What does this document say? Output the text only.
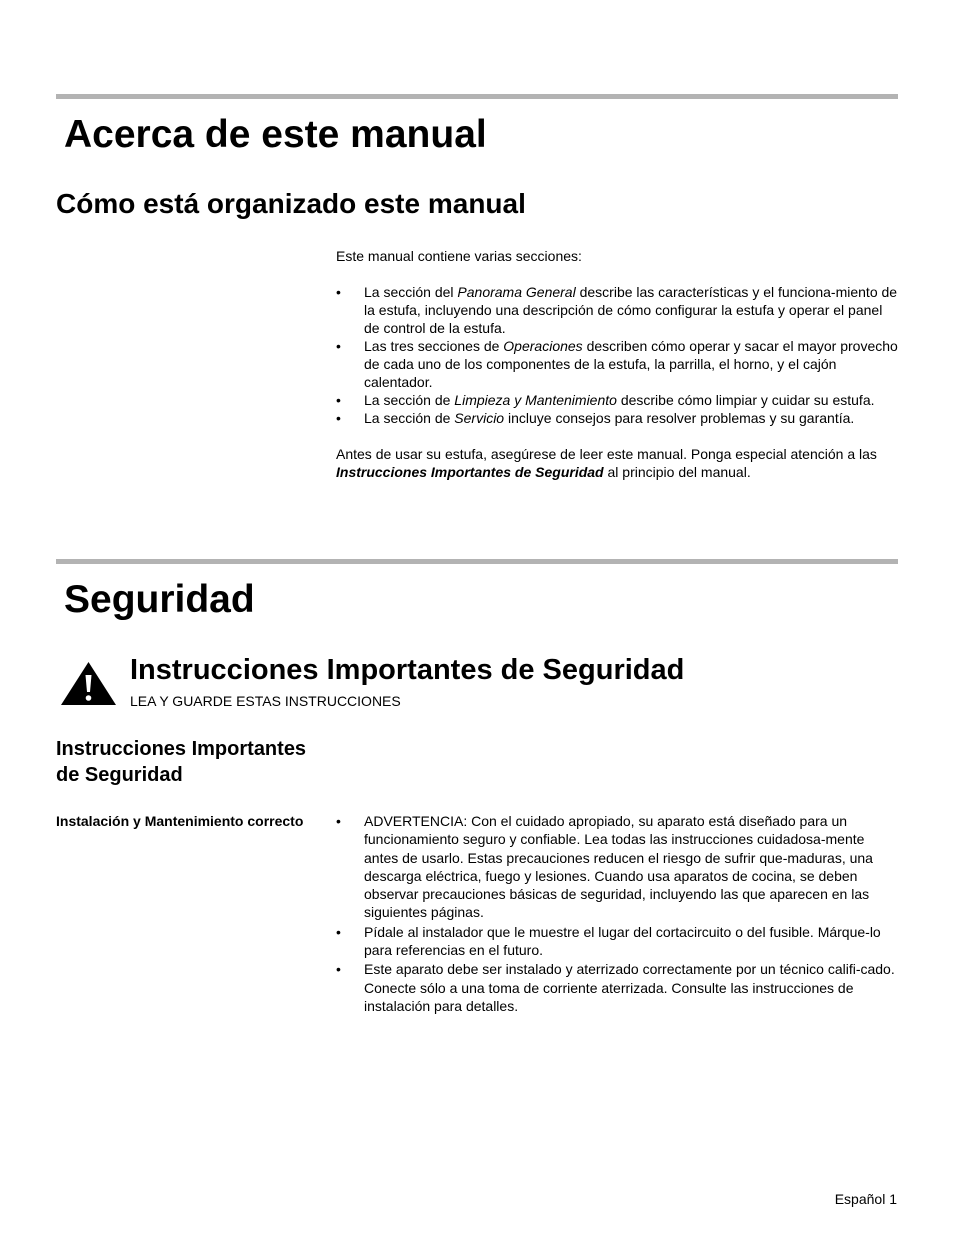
Acerca de este manual
Cómo está organizado este manual

Este manual contiene varias secciones:

• La sección del Panorama General describe las características y el funciona-miento de la estufa, incluyendo una descripción de cómo configurar la estufa y operar el panel de control de la estufa.
• Las tres secciones de Operaciones describen cómo operar y sacar el mayor provecho de cada uno de los componentes de la estufa, la parrilla, el horno, y el cajón calentador.
• La sección de Limpieza y Mantenimiento describe cómo limpiar y cuidar su estufa.
• La sección de Servicio incluye consejos para resolver problemas y su garantía.

Antes de usar su estufa, asegúrese de leer este manual. Ponga especial atención a las Instrucciones Importantes de Seguridad al principio del manual.

Seguridad
Instrucciones Importantes de Seguridad
LEA Y GUARDE ESTAS INSTRUCCIONES
Instrucciones Importantes
de Seguridad
Instalación y Mantenimiento correcto • ADVERTENCIA: Con el cuidado apropiado, su aparato está diseñado para un funcionamiento seguro y confiable. Lea todas las instrucciones cuidadosa-mente antes de usarlo. Estas precauciones reducen el riesgo de sufrir que-maduras, una descarga eléctrica, fuego y lesiones. Cuando usa aparatos de cocina, se deben observar precauciones básicas de seguridad, incluyendo las que aparecen en las siguientes páginas.
• Pídale al instalador que le muestre el lugar del cortacircuito o del fusible. Márque-lo para referencias en el futuro.
• Este aparato debe ser instalado y aterrizado correctamente por un técnico califi-cado. Conecte sólo a una toma de corriente aterrizada. Consulte las instrucciones de instalación para detalles.
Español 1
